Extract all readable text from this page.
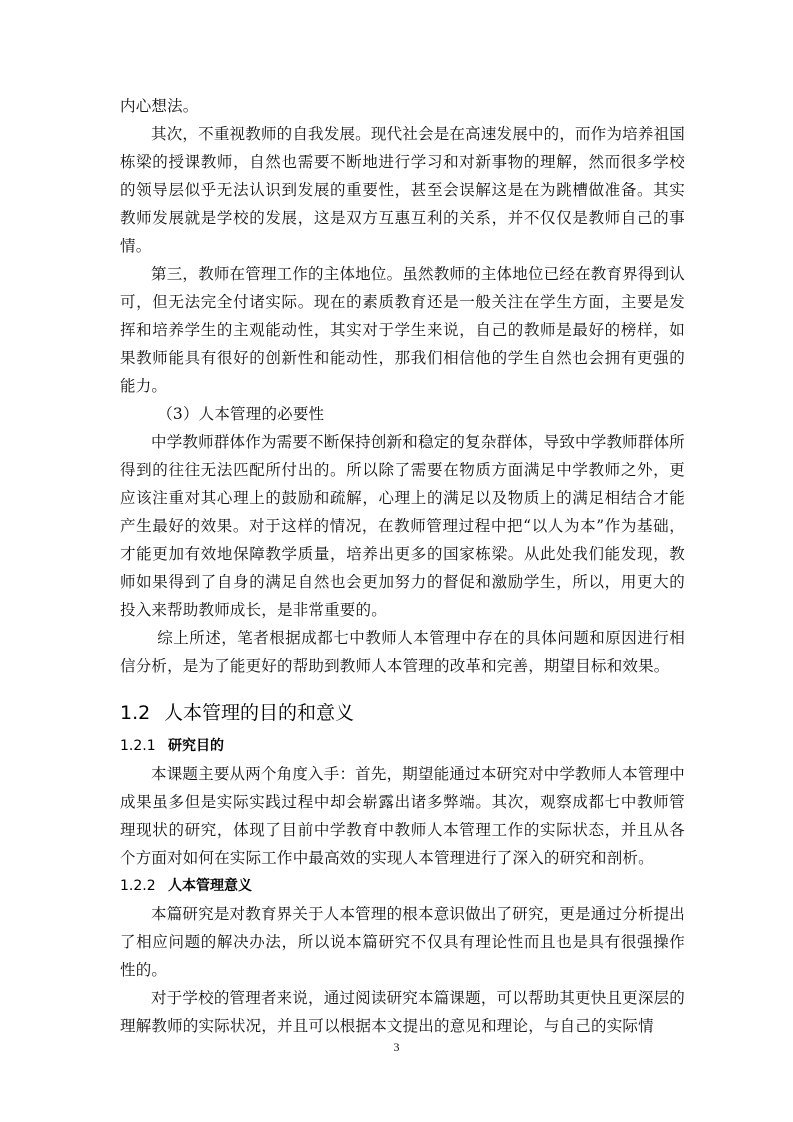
内心想法。

其次，不重视教师的自我发展。现代社会是在高速发展中的，而作为培养祖国栋梁的授课教师，自然也需要不断地进行学习和对新事物的理解，然而很多学校的领导层似乎无法认识到发展的重要性，甚至会误解这是在为跳槽做准备。其实教师发展就是学校的发展，这是双方互惠互利的关系，并不仅仅是教师自己的事情。

第三，教师在管理工作的主体地位。虽然教师的主体地位已经在教育界得到认可，但无法完全付诸实际。现在的素质教育还是一般关注在学生方面，主要是发挥和培养学生的主观能动性，其实对于学生来说，自己的教师是最好的榜样，如果教师能具有很好的创新性和能动性，那我们相信他的学生自然也会拥有更强的能力。

（3）人本管理的必要性

中学教师群体作为需要不断保持创新和稳定的复杂群体，导致中学教师群体所得到的往往无法匹配所付出的。所以除了需要在物质方面满足中学教师之外，更应该注重对其心理上的鼓励和疏解，心理上的满足以及物质上的满足相结合才能产生最好的效果。对于这样的情况，在教师管理过程中把“以人为本”作为基础，才能更加有效地保障教学质量，培养出更多的国家栋梁。从此处我们能发现，教师如果得到了自身的满足自然也会更加努力的督促和激励学生，所以，用更大的投入来帮助教师成长，是非常重要的。

综上所述，笔者根据成都七中教师人本管理中存在的具体问题和原因进行相信分析，是为了能更好的帮助到教师人本管理的改革和完善，期望目标和效果。

1.2 人本管理的目的和意义
1.2.1 研究目的

本课题主要从两个角度入手：首先，期望能通过本研究对中学教师人本管理中成果虽多但是实际实践过程中却会崭露出诸多弊端。其次，观察成都七中教师管理现状的研究，体现了目前中学教育中教师人本管理工作的实际状态，并且从各个方面对如何在实际工作中最高效的实现人本管理进行了深入的研究和剖析。

1.2.2 人本管理意义

本篇研究是对教育界关于人本管理的根本意识做出了研究，更是通过分析提出了相应问题的解决办法，所以说本篇研究不仅具有理论性而且也是具有很强操作性的。

对于学校的管理者来说，通过阅读研究本篇课题，可以帮助其更快且更深层的理解教师的实际状况，并且可以根据本文提出的意见和理论，与自己的实际情

3
